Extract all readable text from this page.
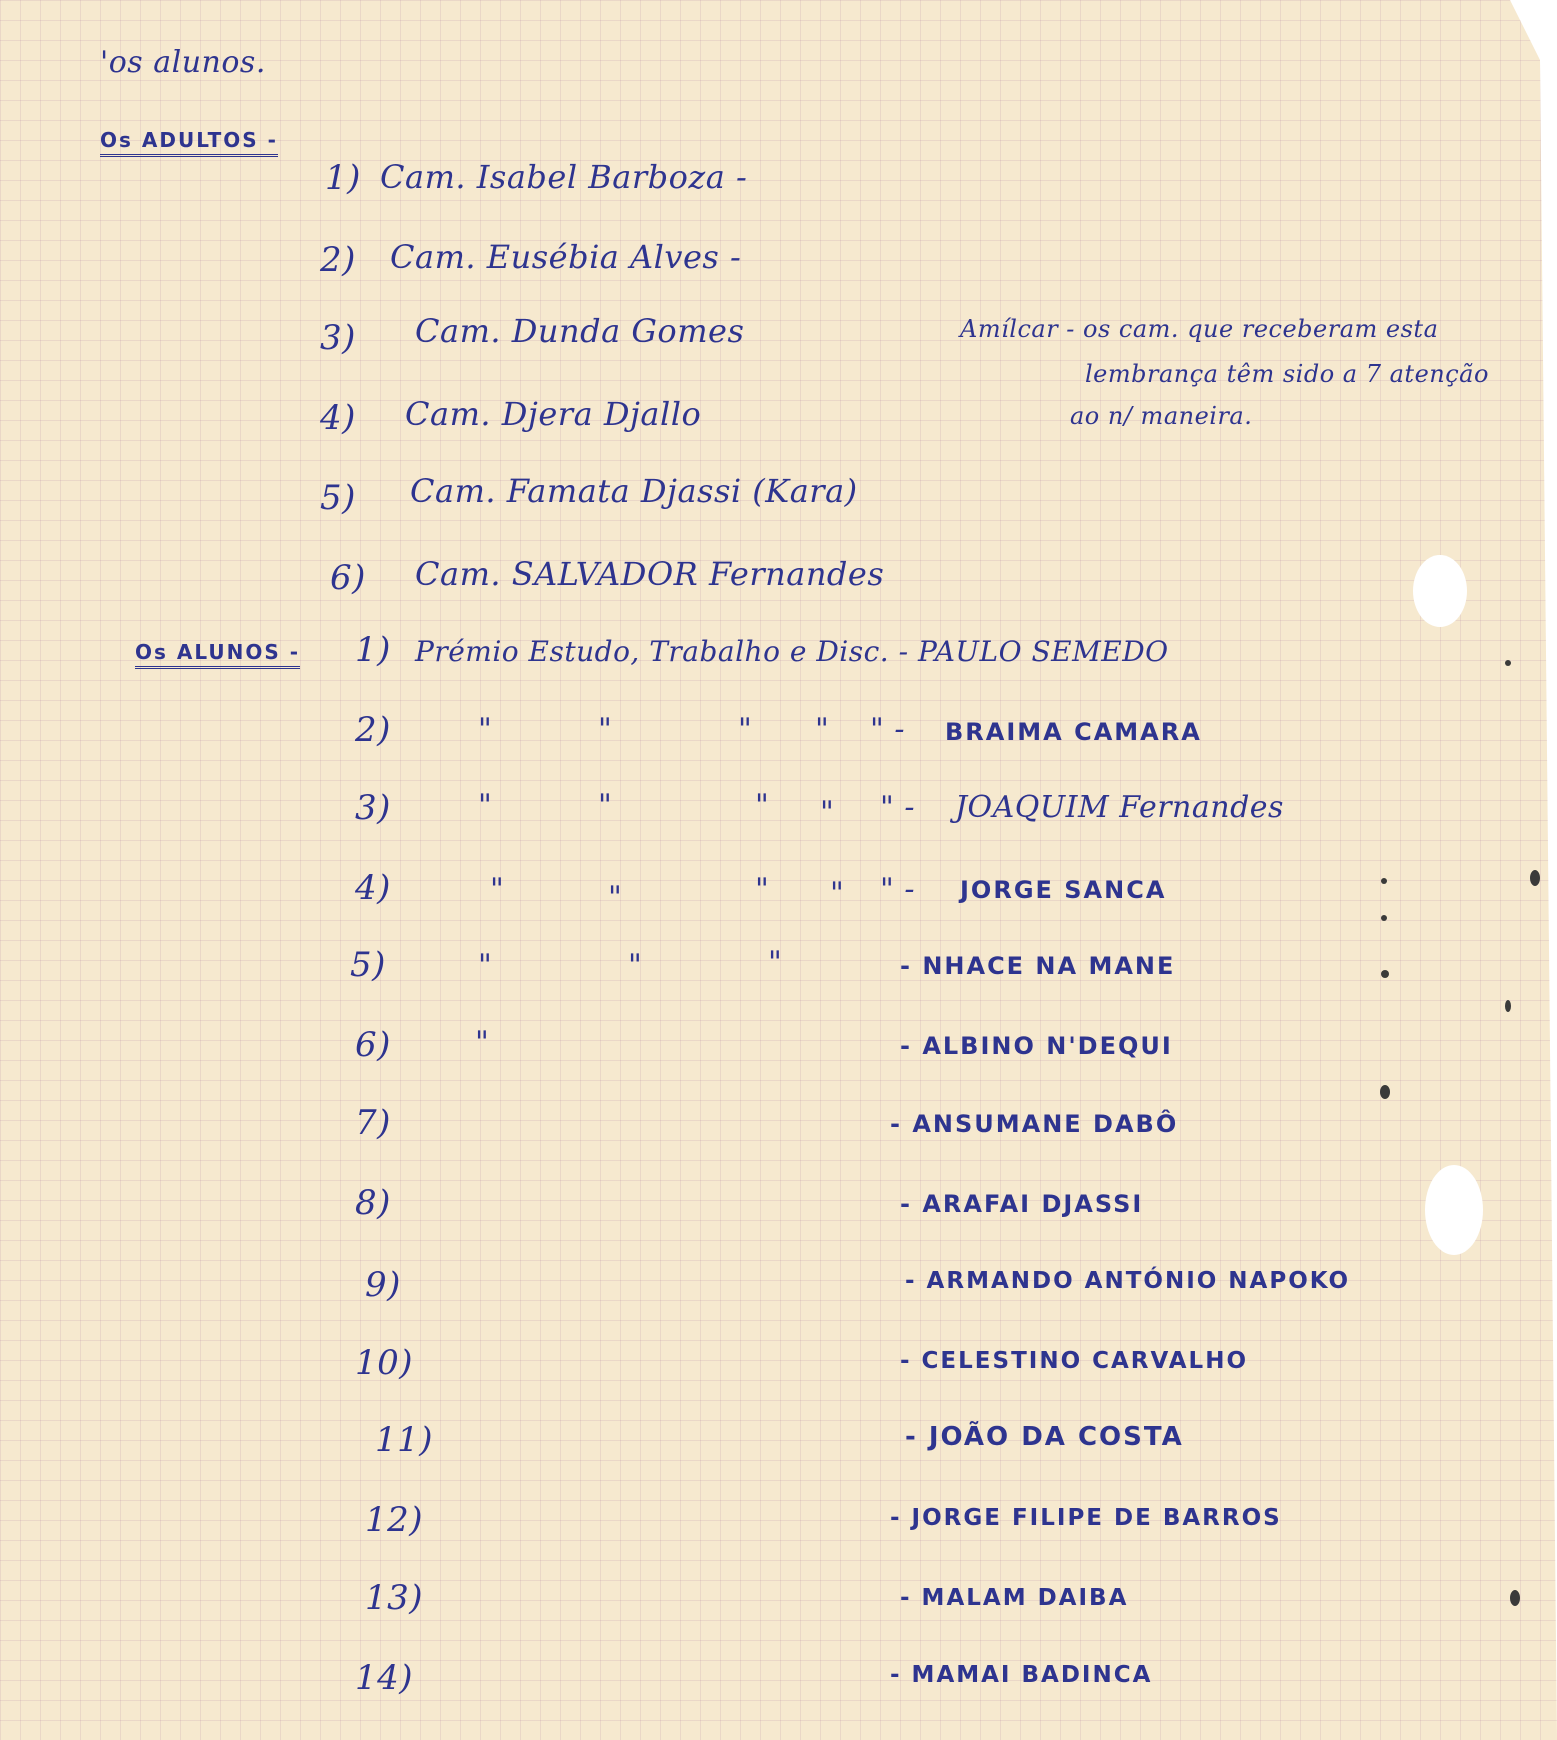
'os alunos.
Os ADULTOS -
1) Cam. Isabel Barboza -
2) Cam. Eusébia Alves -
3) Cam. Dunda Gomes
4) Cam. Djera Djallo
5) Cam. Famata Djassi (Kara)
6) Cam. SALVADOR Fernandes
Amílcar - os cam. que receberam esta
lembrança têm sido a 7 atenção
ao n/ maneira.
Os ALUNOS - 1) Prémio Estudo, Trabalho e Disc. - PAULO SEMEDO
2)	"	"	" " " - BRAIMA CAMARA
3)	"	"	" " " - JOAQUIM Fernandes
4)	"	"	" " " - JORGE SANCA
5)	"	"	"	- NHACE NA MANE
6)	"	- ALBINO N'DEQUI
7)	- ANSUMANE DABÔ
8)	- ARAFAI DJASSI
9)	- ARMANDO ANTÓNIO NAPOKO
10)	- CELESTINO CARVALHO
11)	- JOÃO DA COSTA
12)	- JORGE FILIPE DE BARROS
13)	- MALAM DAIBA
14)	- MAMAI BADINCA
